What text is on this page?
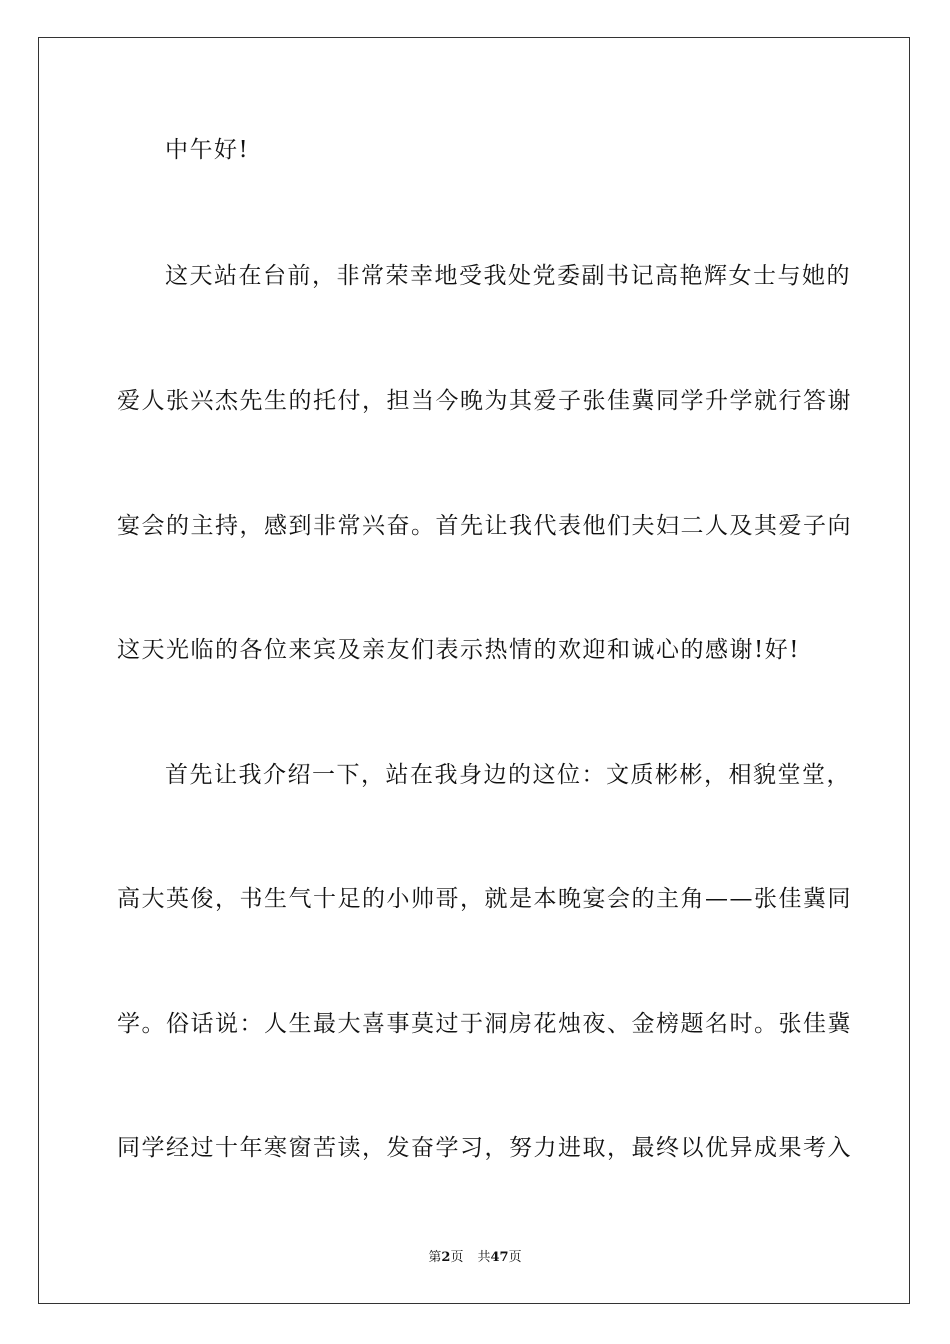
中午好!
这天站在台前，非常荣幸地受我处党委副书记高艳辉女士与她的
爱人张兴杰先生的托付，担当今晚为其爱子张佳冀同学升学就行答谢
宴会的主持，感到非常兴奋。首先让我代表他们夫妇二人及其爱子向
这天光临的各位来宾及亲友们表示热情的欢迎和诚心的感谢!好!
首先让我介绍一下，站在我身边的这位：文质彬彬，相貌堂堂，
高大英俊，书生气十足的小帅哥，就是本晚宴会的主角——张佳冀同
学。俗话说：人生最大喜事莫过于洞房花烛夜、金榜题名时。张佳冀
同学经过十年寒窗苦读，发奋学习，努力进取，最终以优异成果考入
第2页 共47页
